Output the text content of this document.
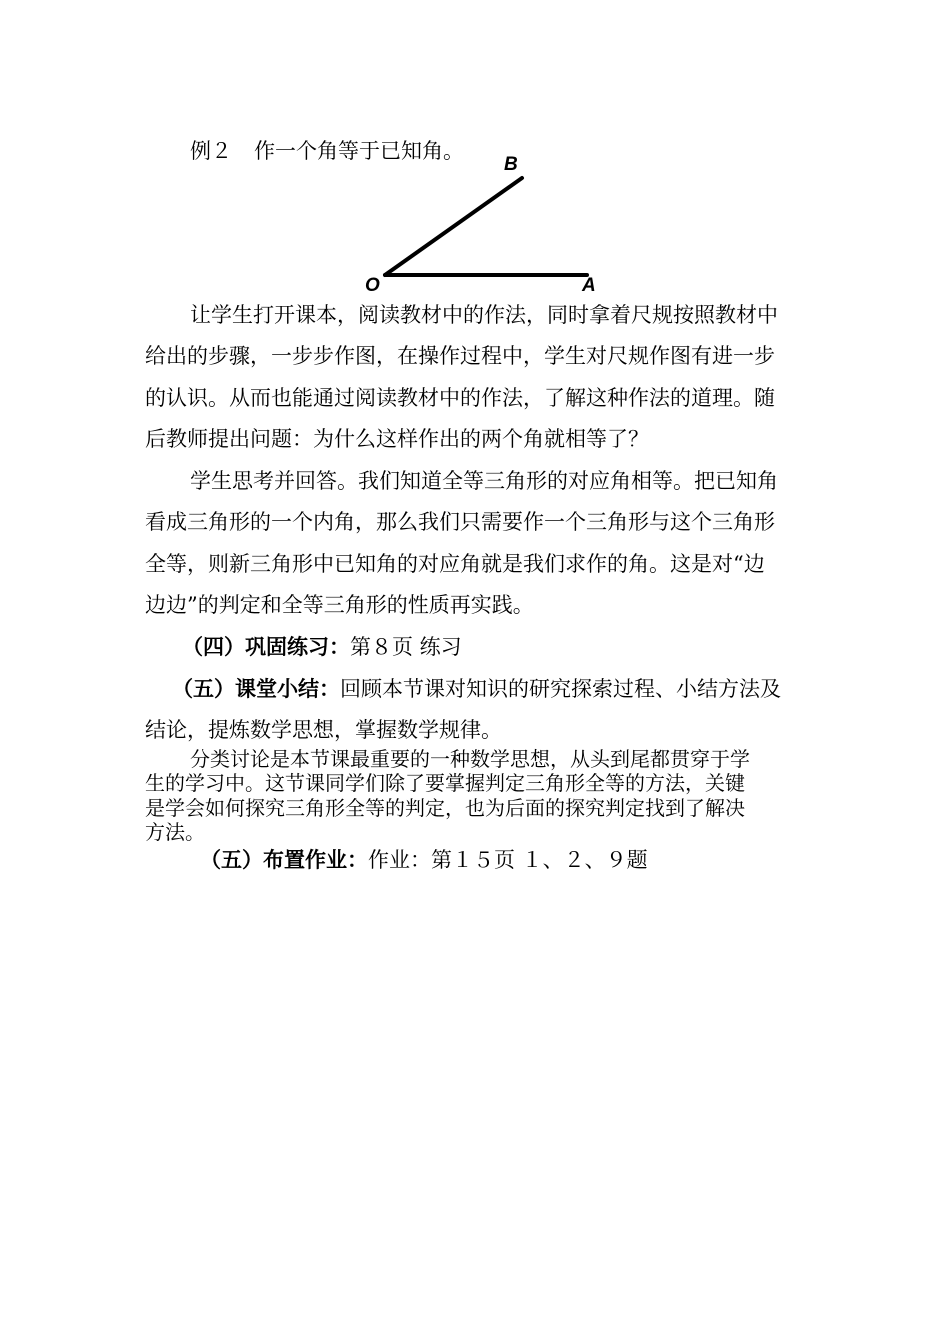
例２ 作一个角等于已知角。
B
O	A
让学生打开课本，阅读教材中的作法，同时拿着尺规按照教材中
给出的步骤，一步步作图，在操作过程中，学生对尺规作图有进一步
的认识。从而也能通过阅读教材中的作法，了解这种作法的道理。随
后教师提出问题：为什么这样作出的两个角就相等了？
学生思考并回答。我们知道全等三角形的对应角相等。把已知角
看成三角形的一个内角，那么我们只需要作一个三角形与这个三角形
全等，则新三角形中已知角的对应角就是我们求作的角。这是对“边
边边”的判定和全等三角形的性质再实践。
（四）巩固练习：第８页 练习
（五）课堂小结：回顾本节课对知识的研究探索过程、小结方法及
结论，提炼数学思想，掌握数学规律。
分类讨论是本节课最重要的一种数学思想，从头到尾都贯穿于学
生的学习中。这节课同学们除了要掌握判定三角形全等的方法，关键
是学会如何探究三角形全等的判定，也为后面的探究判定找到了解决
方法。
（五）布置作业：作业：第１５页 １、２、９题
